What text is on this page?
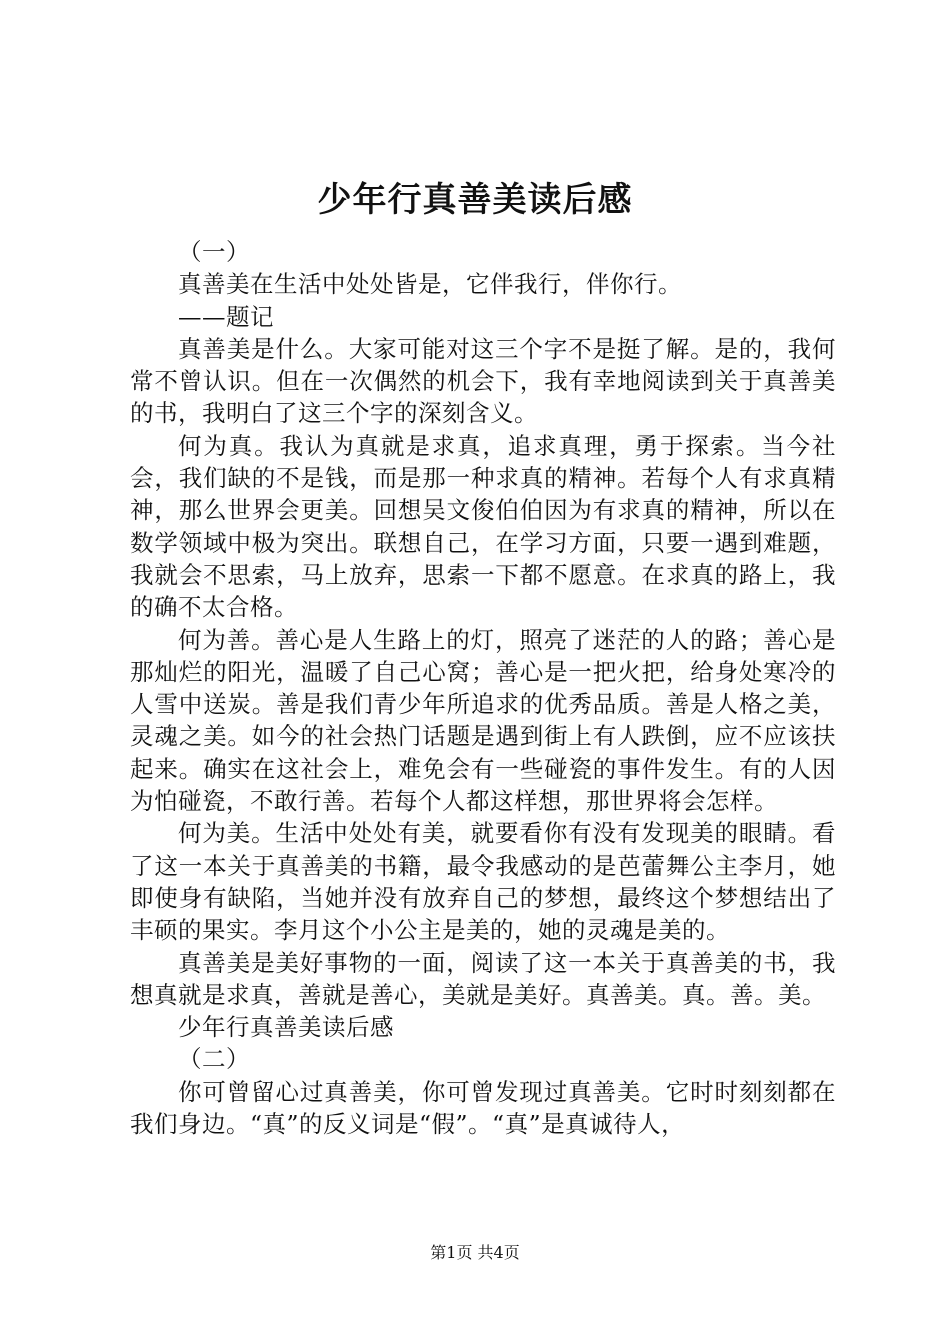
少年行真善美读后感

（一）

真善美在生活中处处皆是，它伴我行，伴你行。

——题记

真善美是什么。大家可能对这三个字不是挺了解。是的，我何常不曾认识。但在一次偶然的机会下，我有幸地阅读到关于真善美的书，我明白了这三个字的深刻含义。

何为真。我认为真就是求真，追求真理，勇于探索。当今社会，我们缺的不是钱，而是那一种求真的精神。若每个人有求真精神，那么世界会更美。回想吴文俊伯伯因为有求真的精神，所以在数学领域中极为突出。联想自己，在学习方面，只要一遇到难题，我就会不思索，马上放弃，思索一下都不愿意。在求真的路上，我的确不太合格。

何为善。善心是人生路上的灯，照亮了迷茫的人的路；善心是那灿烂的阳光，温暖了自己心窝；善心是一把火把，给身处寒冷的人雪中送炭。善是我们青少年所追求的优秀品质。善是人格之美，灵魂之美。如今的社会热门话题是遇到街上有人跌倒，应不应该扶起来。确实在这社会上，难免会有一些碰瓷的事件发生。有的人因为怕碰瓷，不敢行善。若每个人都这样想，那世界将会怎样。

何为美。生活中处处有美，就要看你有没有发现美的眼睛。看了这一本关于真善美的书籍，最令我感动的是芭蕾舞公主李月，她即使身有缺陷，当她并没有放弃自己的梦想，最终这个梦想结出了丰硕的果实。李月这个小公主是美的，她的灵魂是美的。

真善美是美好事物的一面，阅读了这一本关于真善美的书，我想真就是求真，善就是善心，美就是美好。真善美。真。善。美。

少年行真善美读后感

（二）

你可曾留心过真善美，你可曾发现过真善美。它时时刻刻都在我们身边。“真”的反义词是“假”。“真”是真诚待人，

第1页 共4页
